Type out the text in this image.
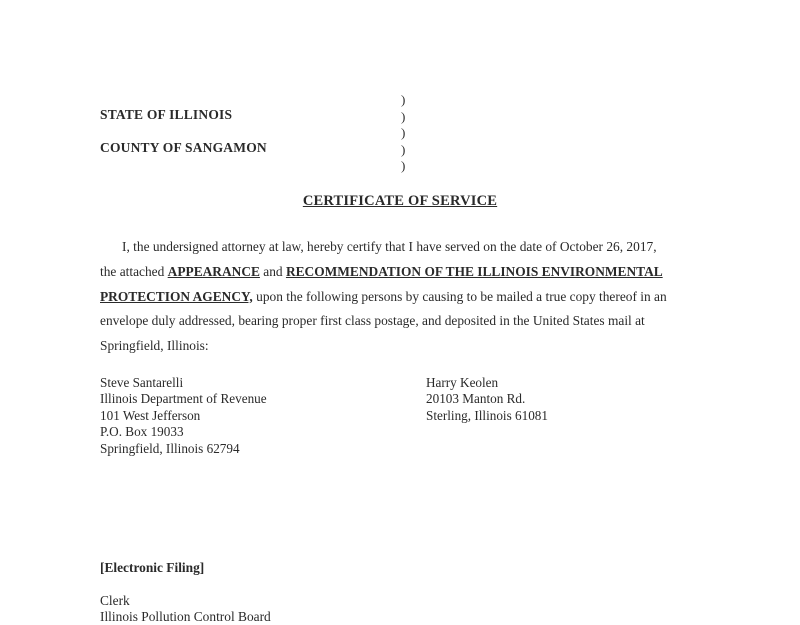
STATE OF ILLINOIS
COUNTY OF SANGAMON
)
)
)
)
)
CERTIFICATE OF SERVICE
I, the undersigned attorney at law, hereby certify that I have served on the date of October 26, 2017,
the attached APPEARANCE and RECOMMENDATION OF THE ILLINOIS ENVIRONMENTAL
PROTECTION AGENCY, upon the following persons by causing to be mailed a true copy thereof in an
envelope duly addressed, bearing proper first class postage, and deposited in the United States mail at
Springfield, Illinois:
Steve Santarelli
Illinois Department of Revenue
101 West Jefferson
P.O. Box 19033
Springfield, Illinois 62794
Harry Keolen
20103 Manton Rd.
Sterling, Illinois 61081
[Electronic Filing]
Clerk
Illinois Pollution Control Board
